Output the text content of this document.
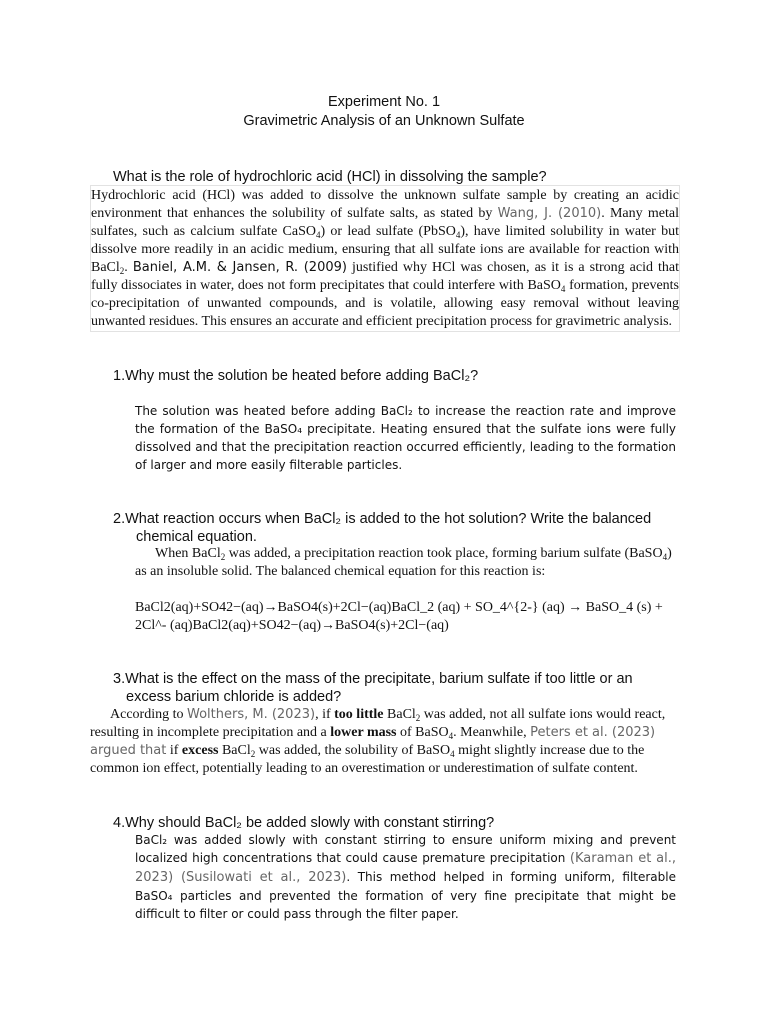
Experiment No. 1
Gravimetric Analysis of an Unknown Sulfate
What is the role of hydrochloric acid (HCl) in dissolving the sample?
Hydrochloric acid (HCl) was added to dissolve the unknown sulfate sample by creating an acidic environment that enhances the solubility of sulfate salts, as stated by Wang, J. (2010). Many metal sulfates, such as calcium sulfate CaSO$_4$) or lead sulfate (PbSO$_4$), have limited solubility in water but dissolve more readily in an acidic medium, ensuring that all sulfate ions are available for reaction with BaCl$_2$. Baniel, A.M. & Jansen, R. (2009) justified why HCl was chosen, as it is a strong acid that fully dissociates in water, does not form precipitates that could interfere with BaSO$_4$ formation, prevents co-precipitation of unwanted compounds, and is volatile, allowing easy removal without leaving unwanted residues. This ensures an accurate and efficient precipitation process for gravimetric analysis.
1.Why must the solution be heated before adding BaCl₂?
The solution was heated before adding BaCl₂ to increase the reaction rate and improve the formation of the BaSO₄ precipitate. Heating ensured that the sulfate ions were fully dissolved and that the precipitation reaction occurred efficiently, leading to the formation of larger and more easily filterable particles.
2.What reaction occurs when BaCl₂ is added to the hot solution? Write the balanced
chemical equation.
When BaCl$_2$ was added, a precipitation reaction took place, forming barium sulfate (BaSO$_4$) as an insoluble solid. The balanced chemical equation for this reaction is:
BaCl2(aq)+SO42−(aq)→BaSO4(s)+2Cl−(aq)BaCl_2 (aq) + SO_4^{2-} (aq) → BaSO_4 (s) + 2Cl^- (aq)BaCl2(aq)+SO42−(aq)→BaSO4(s)+2Cl−(aq)
3.What is the effect on the mass of the precipitate, barium sulfate if too little or an
excess barium chloride is added?
According to Wolthers, M. (2023), if too little BaCl$_2$ was added, not all sulfate ions would react, resulting in incomplete precipitation and a lower mass of BaSO$_4$. Meanwhile, Peters et al. (2023) argued that if excess BaCl$_2$ was added, the solubility of BaSO$_4$ might slightly increase due to the common ion effect, potentially leading to an overestimation or underestimation of sulfate content.
4.Why should BaCl₂ be added slowly with constant stirring?
BaCl₂ was added slowly with constant stirring to ensure uniform mixing and prevent localized high concentrations that could cause premature precipitation (Karaman et al., 2023) (Susilowati et al., 2023). This method helped in forming uniform, filterable BaSO₄ particles and prevented the formation of very fine precipitate that might be difficult to filter or could pass through the filter paper.
